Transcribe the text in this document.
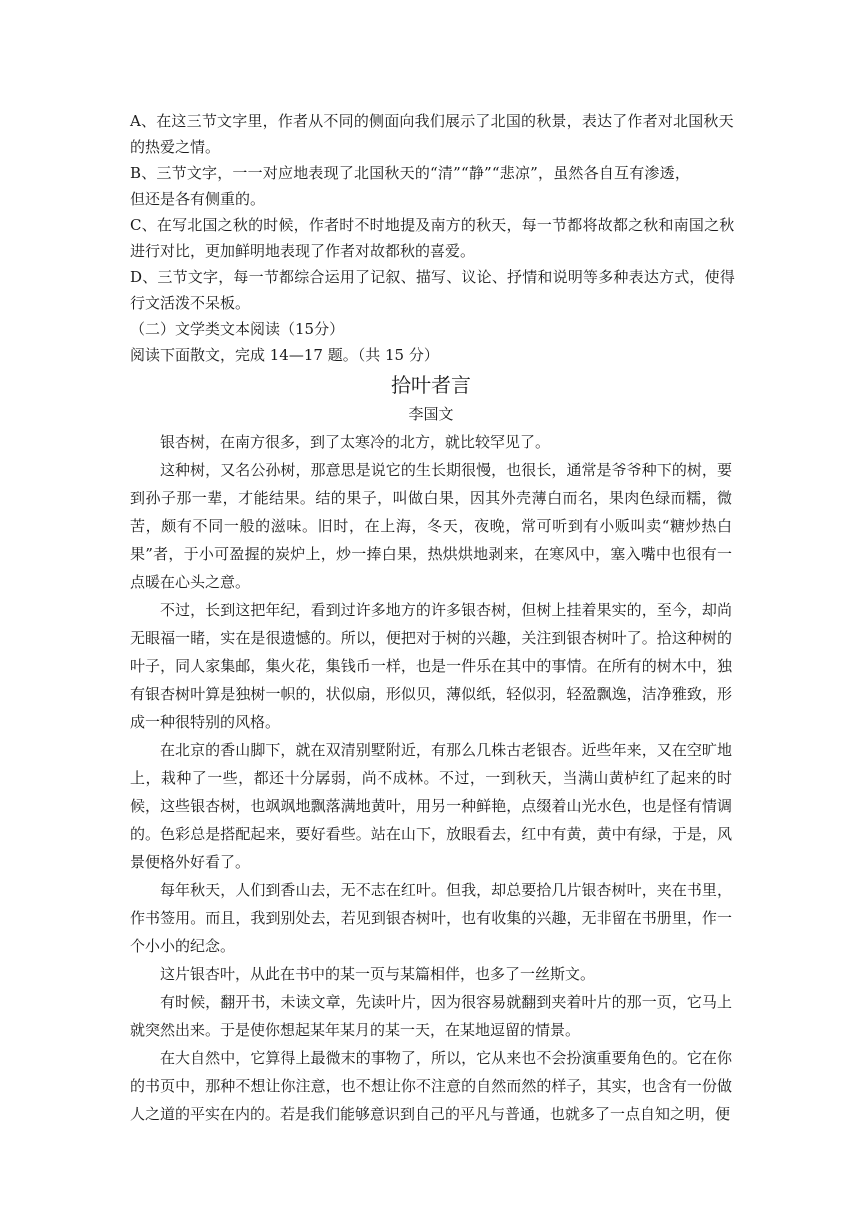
A、在这三节文字里，作者从不同的侧面向我们展示了北国的秋景，表达了作者对北国秋天
的热爱之情。
B、三节文字，一一对应地表现了北国秋天的“清”“静”“悲凉”，虽然各自互有渗透，
但还是各有侧重的。
C、在写北国之秋的时候，作者时不时地提及南方的秋天，每一节都将故都之秋和南国之秋
进行对比，更加鲜明地表现了作者对故都秋的喜爱。
D、三节文字，每一节都综合运用了记叙、描写、议论、抒情和说明等多种表达方式，使得
行文活泼不呆板。
（二）文学类文本阅读（15分）
阅读下面散文，完成 14—17 题。（共 15 分）
拾叶者言
李国文

银杏树，在南方很多，到了太寒冷的北方，就比较罕见了。

这种树，又名公孙树，那意思是说它的生长期很慢，也很长，通常是爷爷种下的树，要到孙子那一辈，才能结果。结的果子，叫做白果，因其外壳薄白而名，果肉色绿而糯，微苦，颇有不同一般的滋味。旧时，在上海，冬天，夜晚，常可听到有小贩叫卖“糖炒热白果”者，于小可盈握的炭炉上，炒一捧白果，热烘烘地剥来，在寒风中，塞入嘴中也很有一点暖在心头之意。

不过，长到这把年纪，看到过许多地方的许多银杏树，但树上挂着果实的，至今，却尚无眼福一睹，实在是很遗憾的。所以，便把对于树的兴趣，关注到银杏树叶了。拾这种树的叶子，同人家集邮，集火花，集钱币一样，也是一件乐在其中的事情。在所有的树木中，独有银杏树叶算是独树一帜的，状似扇，形似贝，薄似纸，轻似羽，轻盈飘逸，洁净雅致，形成一种很特别的风格。

在北京的香山脚下，就在双清别墅附近，有那么几株古老银杏。近些年来，又在空旷地上，栽种了一些，都还十分孱弱，尚不成林。不过，一到秋天，当满山黄栌红了起来的时候，这些银杏树，也飒飒地飘落满地黄叶，用另一种鲜艳，点缀着山光水色，也是怪有情调的。色彩总是搭配起来，要好看些。站在山下，放眼看去，红中有黄，黄中有绿，于是，风景便格外好看了。

每年秋天，人们到香山去，无不志在红叶。但我，却总要拾几片银杏树叶，夹在书里，作书签用。而且，我到别处去，若见到银杏树叶，也有收集的兴趣，无非留在书册里，作一个小小的纪念。

这片银杏叶，从此在书中的某一页与某篇相伴，也多了一丝斯文。

有时候，翻开书，未读文章，先读叶片，因为很容易就翻到夹着叶片的那一页，它马上就突然出来。于是使你想起某年某月的某一天，在某地逗留的情景。

在大自然中，它算得上最微末的事物了，所以，它从来也不会扮演重要角色的。它在你的书页中，那种不想让你注意，也不想让你不注意的自然而然的样子，其实，也含有一份做人之道的平实在内的。若是我们能够意识到自己的平凡与普通，也就多了一点自知之明，便
